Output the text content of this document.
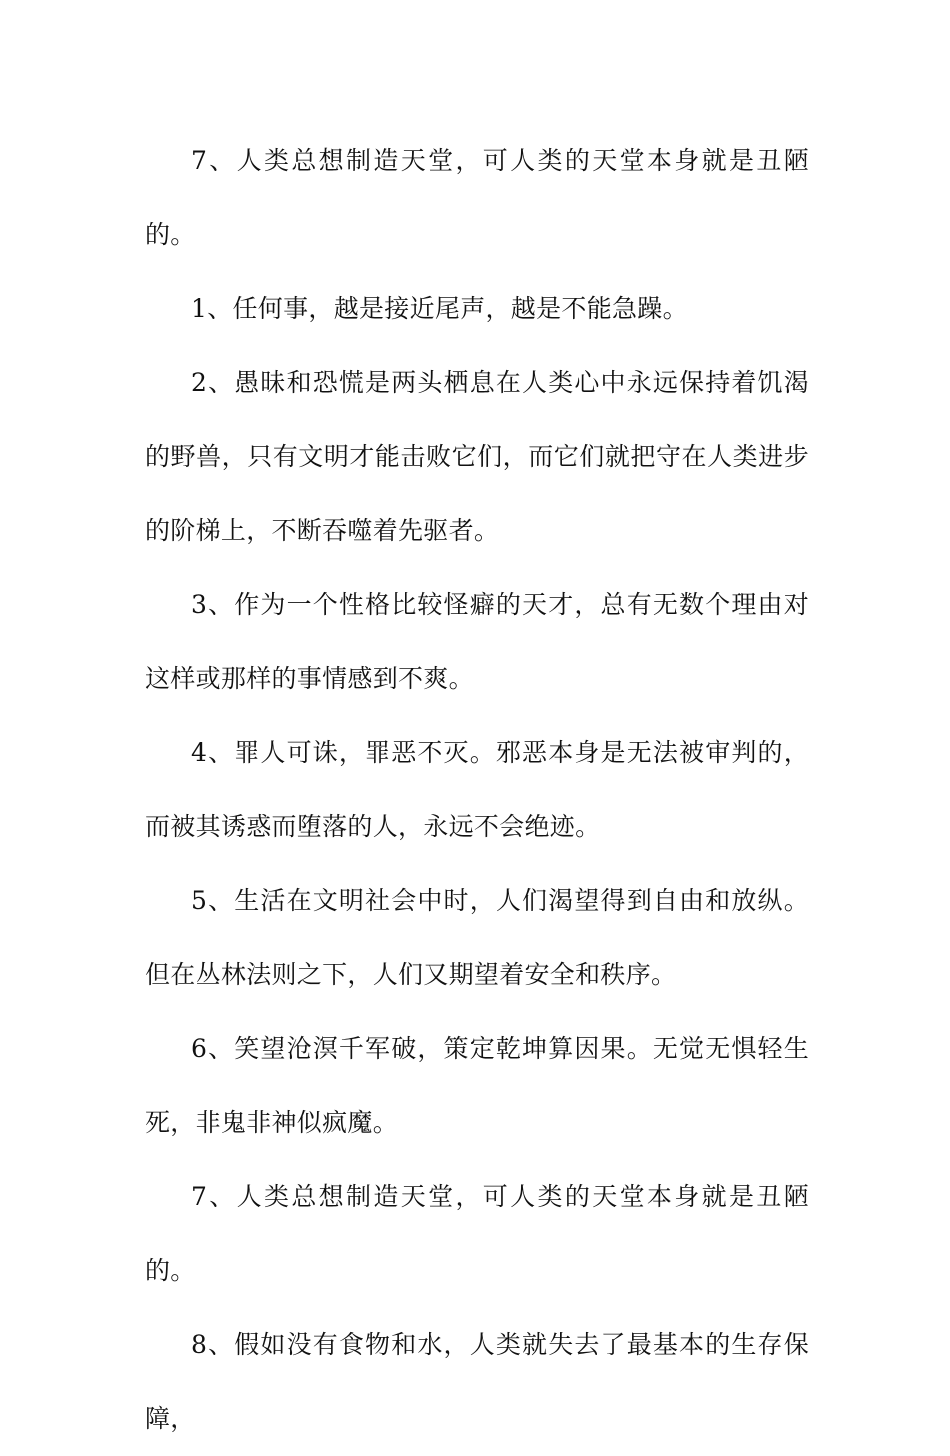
7、人类总想制造天堂，可人类的天堂本身就是丑陋的。

1、任何事，越是接近尾声，越是不能急躁。

2、愚昧和恐慌是两头栖息在人类心中永远保持着饥渴的野兽，只有文明才能击败它们，而它们就把守在人类进步的阶梯上，不断吞噬着先驱者。

3、作为一个性格比较怪癖的天才，总有无数个理由对这样或那样的事情感到不爽。

4、罪人可诛，罪恶不灭。邪恶本身是无法被审判的，而被其诱惑而堕落的人，永远不会绝迹。

5、生活在文明社会中时，人们渴望得到自由和放纵。但在丛林法则之下，人们又期望着安全和秩序。

6、笑望沧溟千军破，策定乾坤算因果。无觉无惧轻生死，非鬼非神似疯魔。

7、人类总想制造天堂，可人类的天堂本身就是丑陋的。

8、假如没有食物和水，人类就失去了最基本的生存保障，
